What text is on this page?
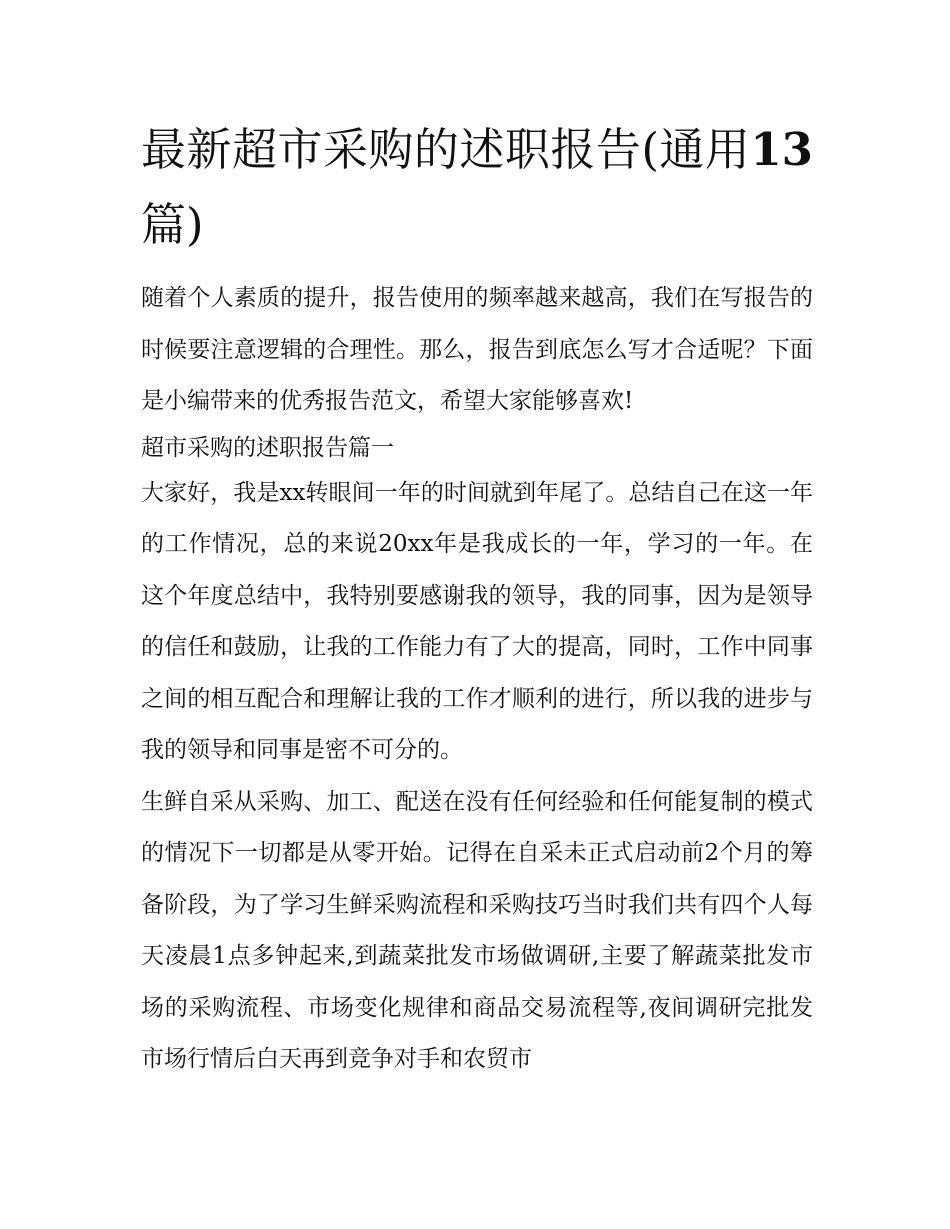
最新超市采购的述职报告(通用13 篇)

随着个人素质的提升，报告使用的频率越来越高，我们在写报告的时候要注意逻辑的合理性。那么，报告到底怎么写才合适呢？下面是小编带来的优秀报告范文，希望大家能够喜欢!

超市采购的述职报告篇一

大家好，我是xx转眼间一年的时间就到年尾了。总结自己在这一年的工作情况，总的来说20xx年是我成长的一年，学习的一年。在这个年度总结中，我特别要感谢我的领导，我的同事，因为是领导的信任和鼓励，让我的工作能力有了大的提高，同时，工作中同事之间的相互配合和理解让我的工作才顺利的进行，所以我的进步与我的领导和同事是密不可分的。

生鲜自采从采购、加工、配送在没有任何经验和任何能复制的模式的情况下一切都是从零开始。记得在自采未正式启动前2个月的筹备阶段，为了学习生鲜采购流程和采购技巧当时我们共有四个人每天凌晨1点多钟起来,到蔬菜批发市场做调研,主要了解蔬菜批发市场的采购流程、市场变化规律和商品交易流程等,夜间调研完批发市场行情后白天再到竞争对手和农贸市
